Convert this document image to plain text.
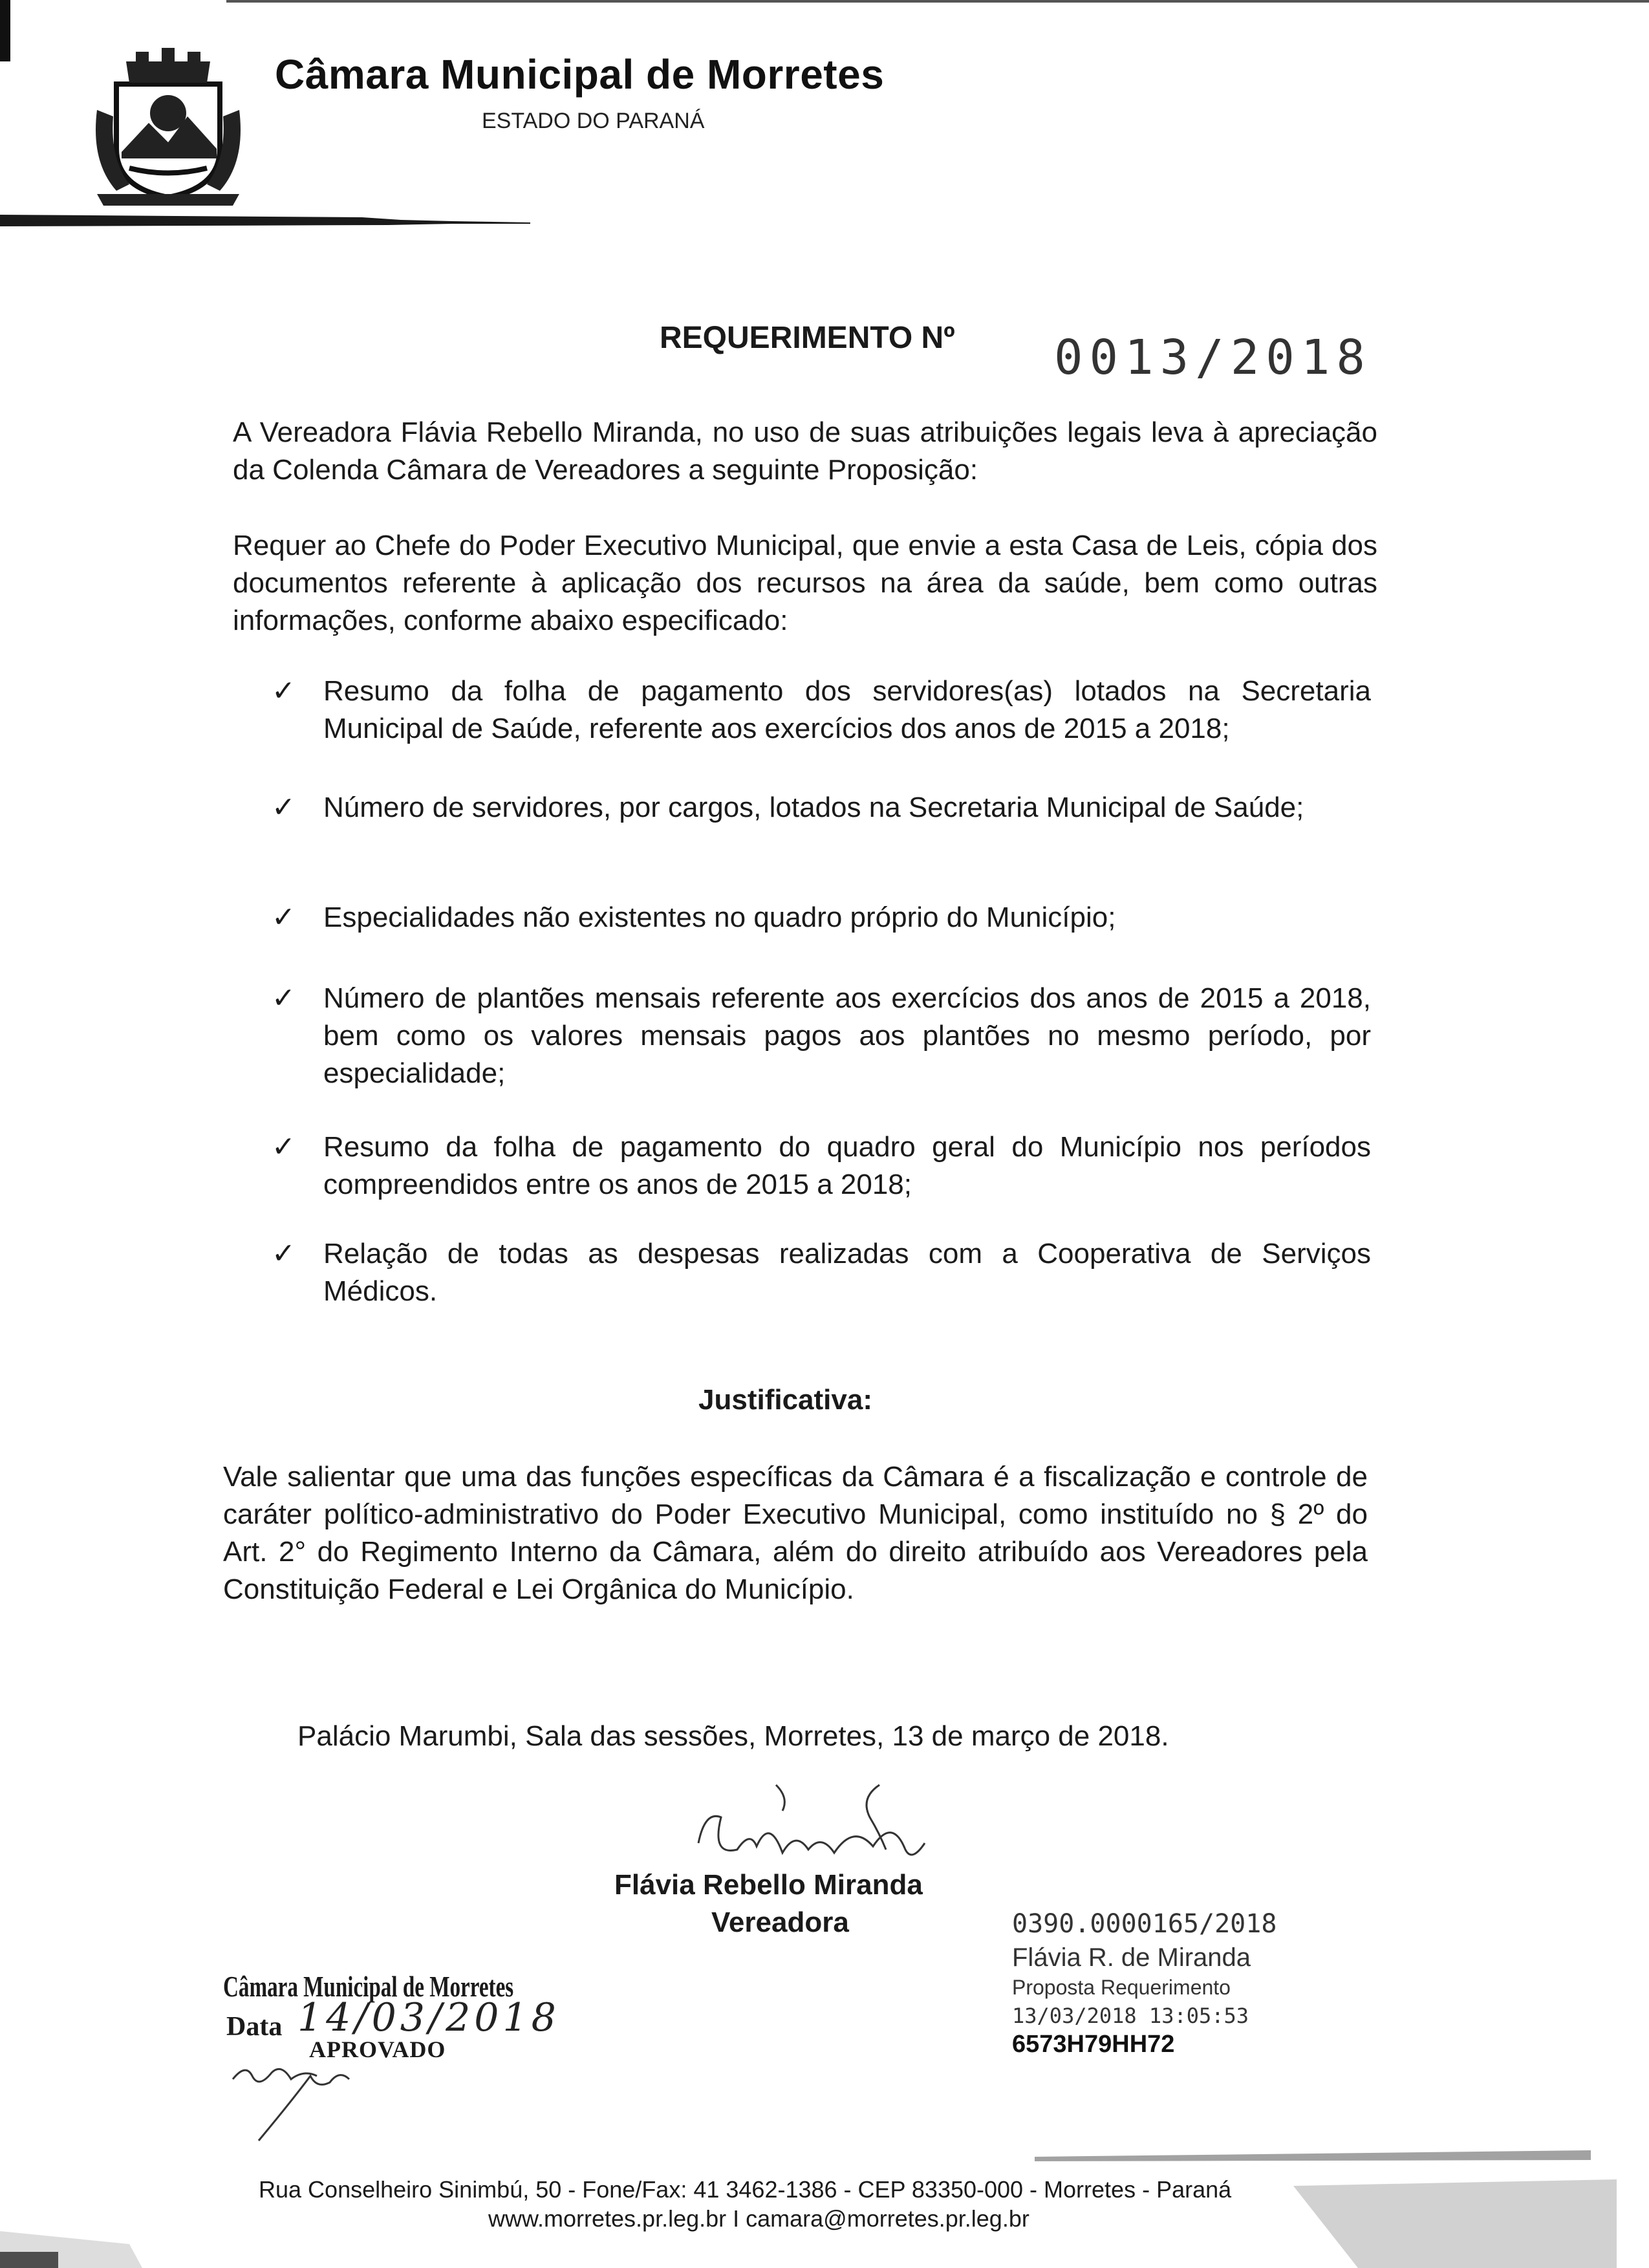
Câmara Municipal de Morretes
ESTADO DO PARANÁ
REQUERIMENTO Nº 0013/2018
A Vereadora Flávia Rebello Miranda, no uso de suas atribuições legais leva à apreciação da Colenda Câmara de Vereadores a seguinte Proposição:
Requer ao Chefe do Poder Executivo Municipal, que envie a esta Casa de Leis, cópia dos documentos referente à aplicação dos recursos na área da saúde, bem como outras informações, conforme abaixo especificado:
✓ Resumo da folha de pagamento dos servidores(as) lotados na Secretaria Municipal de Saúde, referente aos exercícios dos anos de 2015 a 2018;
✓ Número de servidores, por cargos, lotados na Secretaria Municipal de Saúde;
✓ Especialidades não existentes no quadro próprio do Município;
✓ Número de plantões mensais referente aos exercícios dos anos de 2015 a 2018, bem como os valores mensais pagos aos plantões no mesmo período, por especialidade;
✓ Resumo da folha de pagamento do quadro geral do Município nos períodos compreendidos entre os anos de 2015 a 2018;
✓ Relação de todas as despesas realizadas com a Cooperativa de Serviços Médicos.
Justificativa:
Vale salientar que uma das funções específicas da Câmara é a fiscalização e controle de caráter político-administrativo do Poder Executivo Municipal, como instituído no § 2º do Art. 2° do Regimento Interno da Câmara, além do direito atribuído aos Vereadores pela Constituição Federal e Lei Orgânica do Município.
Palácio Marumbi, Sala das sessões, Morretes, 13 de março de 2018.
Flávia Rebello Miranda
Vereadora	0390.0000165/2018
Flávia R. de Miranda
Proposta Requerimento
13/03/2018 13:05:53
6573H79HH72
Câmara Municipal de Morretes
Data 14/03/2018
APROVADO
Rua Conselheiro Sinimbú, 50 - Fone/Fax: 41 3462-1386 - CEP 83350-000 - Morretes - Paraná
www.morretes.pr.leg.br I camara@morretes.pr.leg.br
